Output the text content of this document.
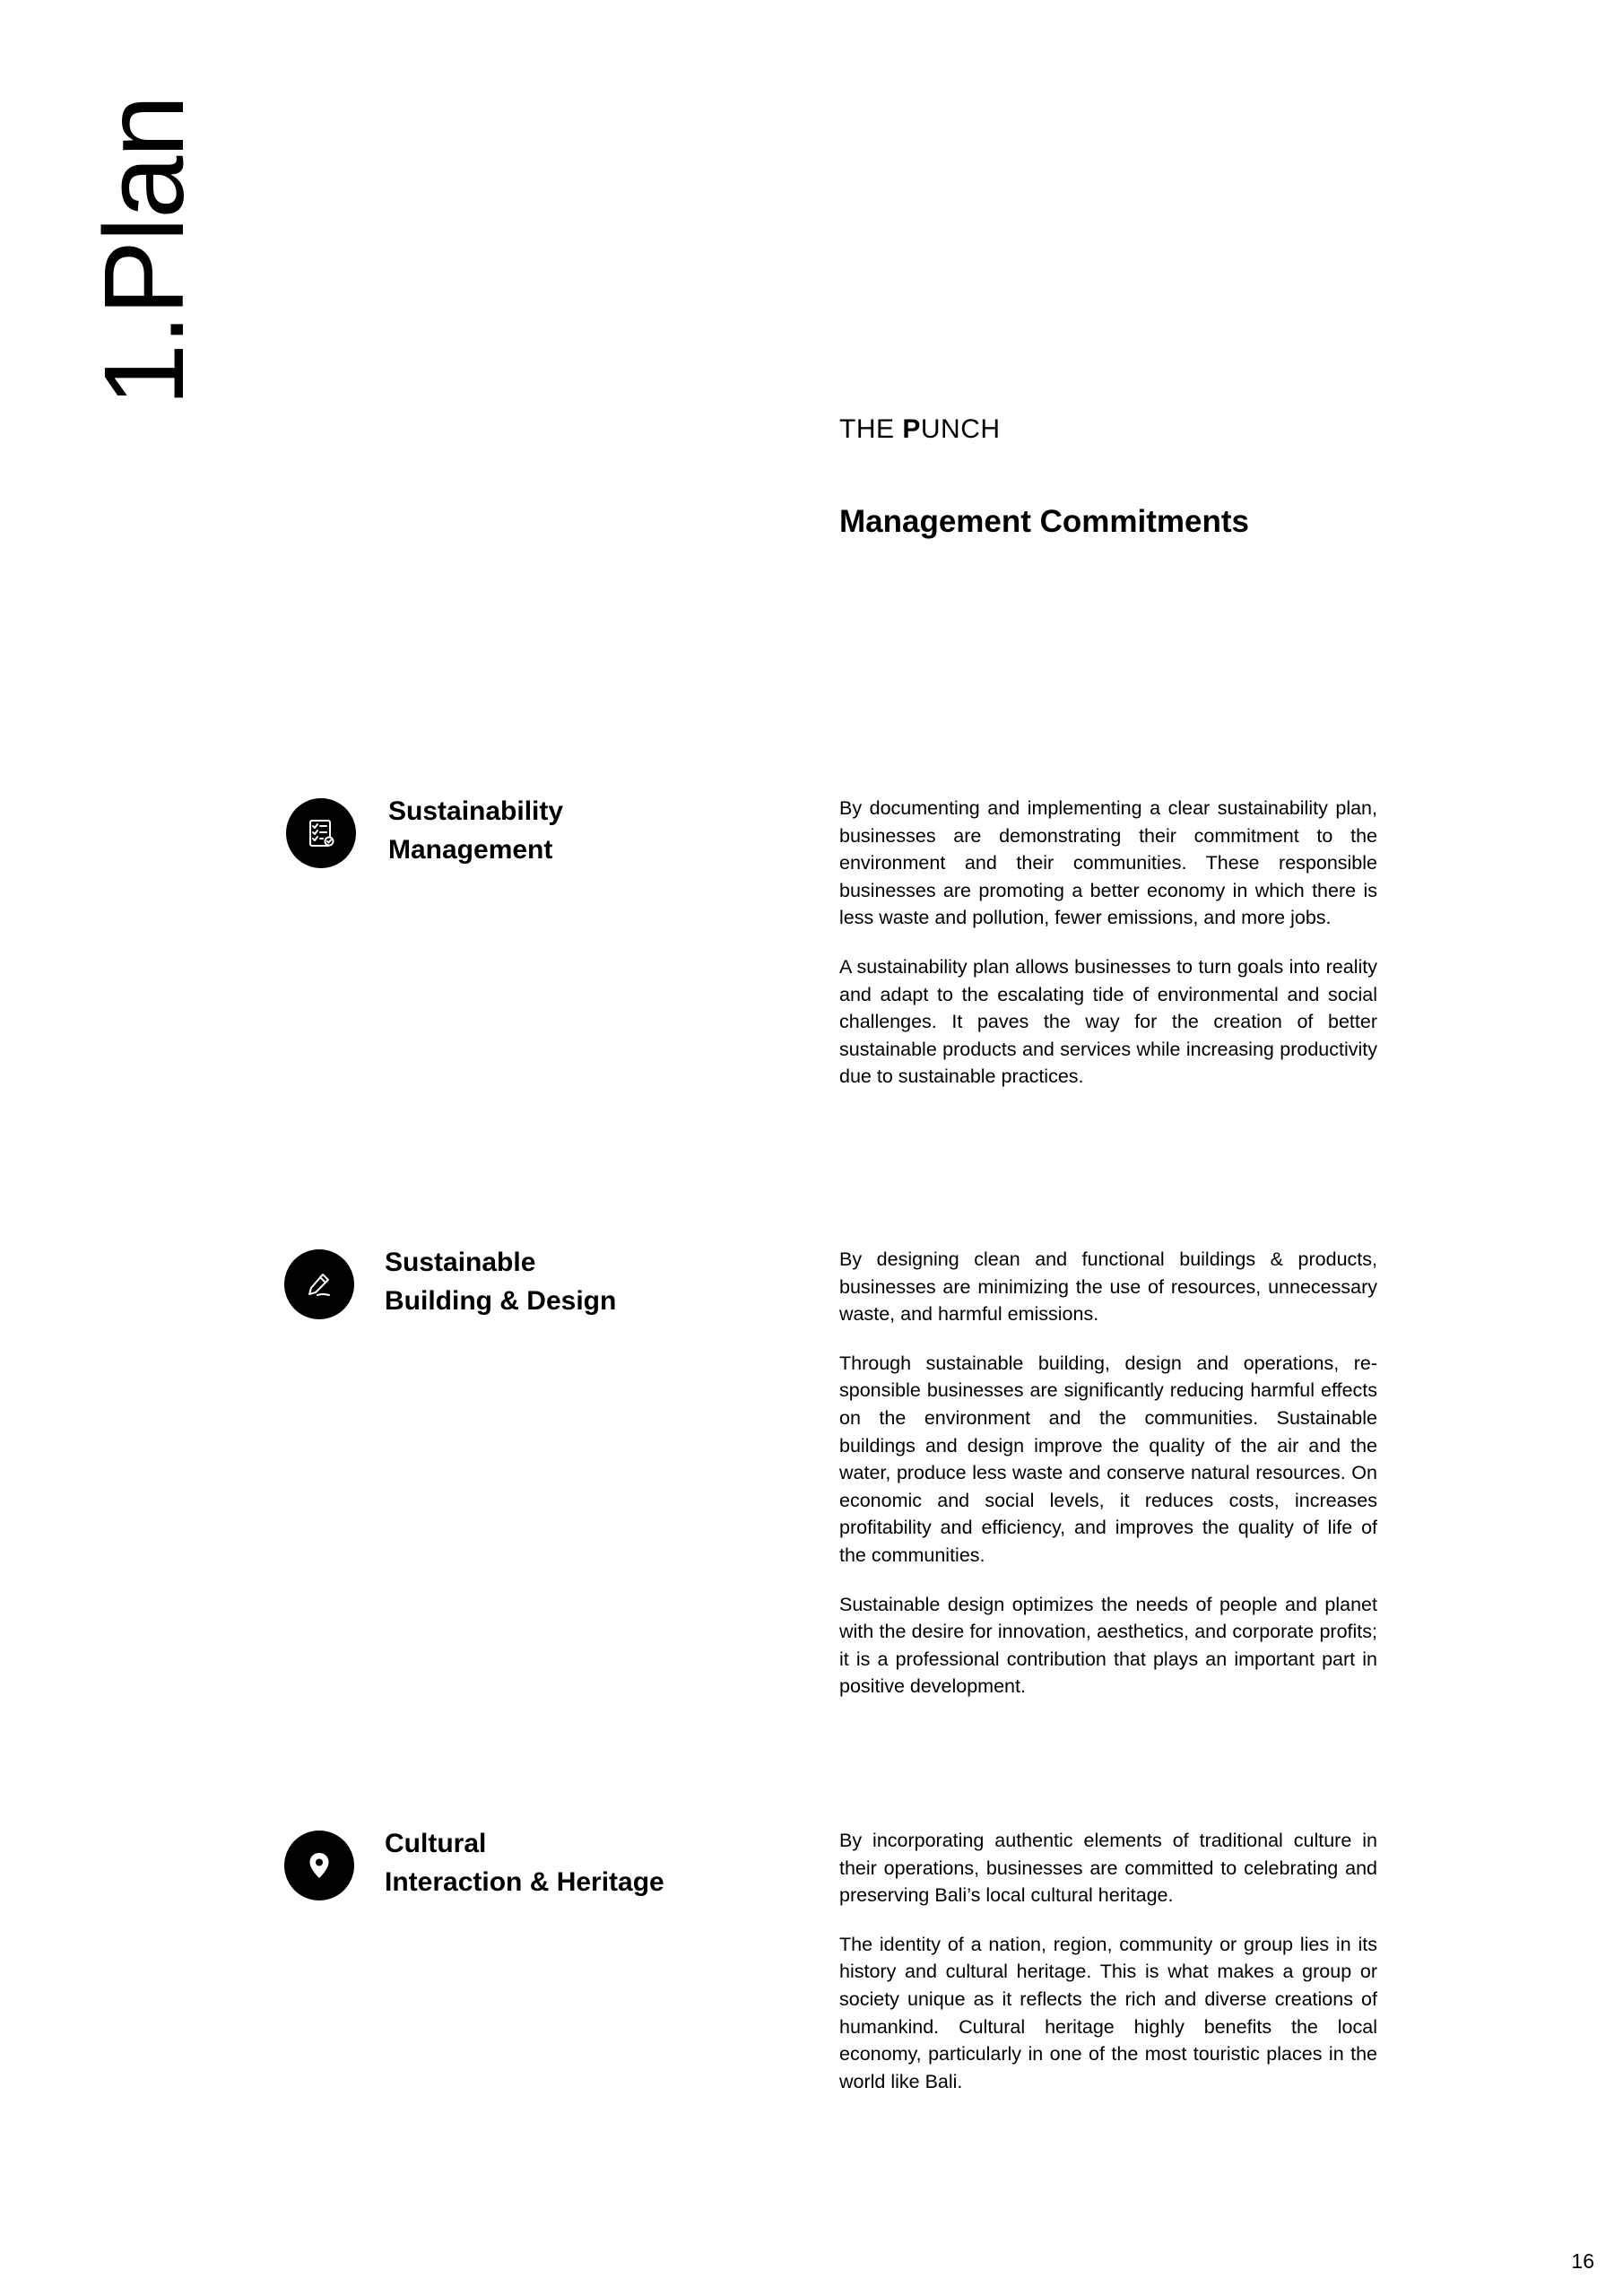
1.Plan
THE PUNCH
Management Commitments
Sustainability
Management

By documenting and implementing a clear sustainability plan, businesses are demonstrating their commitment to the environment and their communities. These responsible businesses are promoting a better economy in which there is less waste and pollution, fewer emissions, and more jobs.

A sustainability plan allows businesses to turn goals into reality and adapt to the escalating tide of environmental and social challenges. It paves the way for the creation of better sustainable products and services while increasing productivity due to sustainable practices.

Sustainable
Building & Design

By designing clean and functional buildings & products, businesses are minimizing the use of resources, unnecessary waste, and harmful emissions.

Through sustainable building, design and operations, responsible businesses are significantly reducing harmful effects on the environment and the communities. Sustainable buildings and design improve the quality of the air and the water, produce less waste and conserve natural resources. On economic and social levels, it reduces costs, increases profitability and efficiency, and improves the quality of life of the communities.

Sustainable design optimizes the needs of people and planet with the desire for innovation, aesthetics, and corporate profits; it is a professional contribution that plays an important part in positive development.

Cultural
Interaction & Heritage

By incorporating authentic elements of traditional culture in their operations, businesses are committed to celebrating and preserving Bali’s local cultural heritage.

The identity of a nation, region, community or group lies in its history and cultural heritage. This is what makes a group or society unique as it reflects the rich and diverse creations of humankind. Cultural heritage highly benefits the local economy, particularly in one of the most touristic places in the world like Bali.

16
